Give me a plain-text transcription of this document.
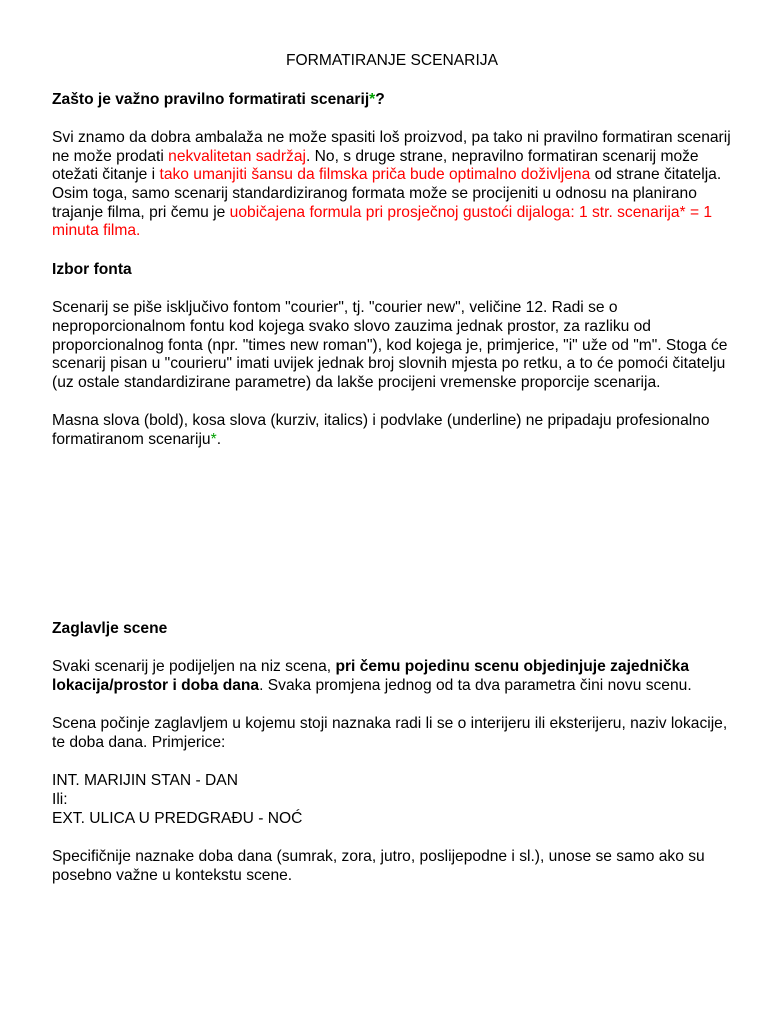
FORMATIRANJE SCENARIJA
Zašto je važno pravilno formatirati scenarij*?

Svi znamo da dobra ambalaža ne može spasiti loš proizvod, pa tako ni pravilno formatiran scenarij ne može prodati nekvalitetan sadržaj. No, s druge strane, nepravilno formatiran scenarij može otežati čitanje i tako umanjiti šansu da filmska priča bude optimalno doživljena od strane čitatelja. Osim toga, samo scenarij standardiziranog formata može se procijeniti u odnosu na planirano trajanje filma, pri čemu je uobičajena formula pri prosječnoj gustoći dijaloga: 1 str. scenarija* = 1 minuta filma.

Izbor fonta

Scenarij se piše isključivo fontom "courier", tj. "courier new", veličine 12. Radi se o neproporcionalnom fontu kod kojega svako slovo zauzima jednak prostor, za razliku od proporcionalnog fonta (npr. "times new roman"), kod kojega je, primjerice, "i" uže od "m". Stoga će scenarij pisan u "courieru" imati uvijek jednak broj slovnih mjesta po retku, a to će pomoći čitatelju (uz ostale standardizirane parametre) da lakše procijeni vremenske proporcije scenarija.

Masna slova (bold), kosa slova (kurziv, italics) i podvlake (underline) ne pripadaju profesionalno formatiranom scenariju*.

Zaglavlje scene

Svaki scenarij je podijeljen na niz scena, pri čemu pojedinu scenu objedinjuje zajednička lokacija/prostor i doba dana. Svaka promjena jednog od ta dva parametra čini novu scenu.

Scena počinje zaglavljem u kojemu stoji naznaka radi li se o interijeru ili eksterijeru, naziv lokacije, te doba dana. Primjerice:

INT. MARIJIN STAN - DAN

Ili:

EXT. ULICA U PREDGRAĐU - NOĆ

Specifičnije naznake doba dana (sumrak, zora, jutro, poslijepodne i sl.), unose se samo ako su posebno važne u kontekstu scene.
